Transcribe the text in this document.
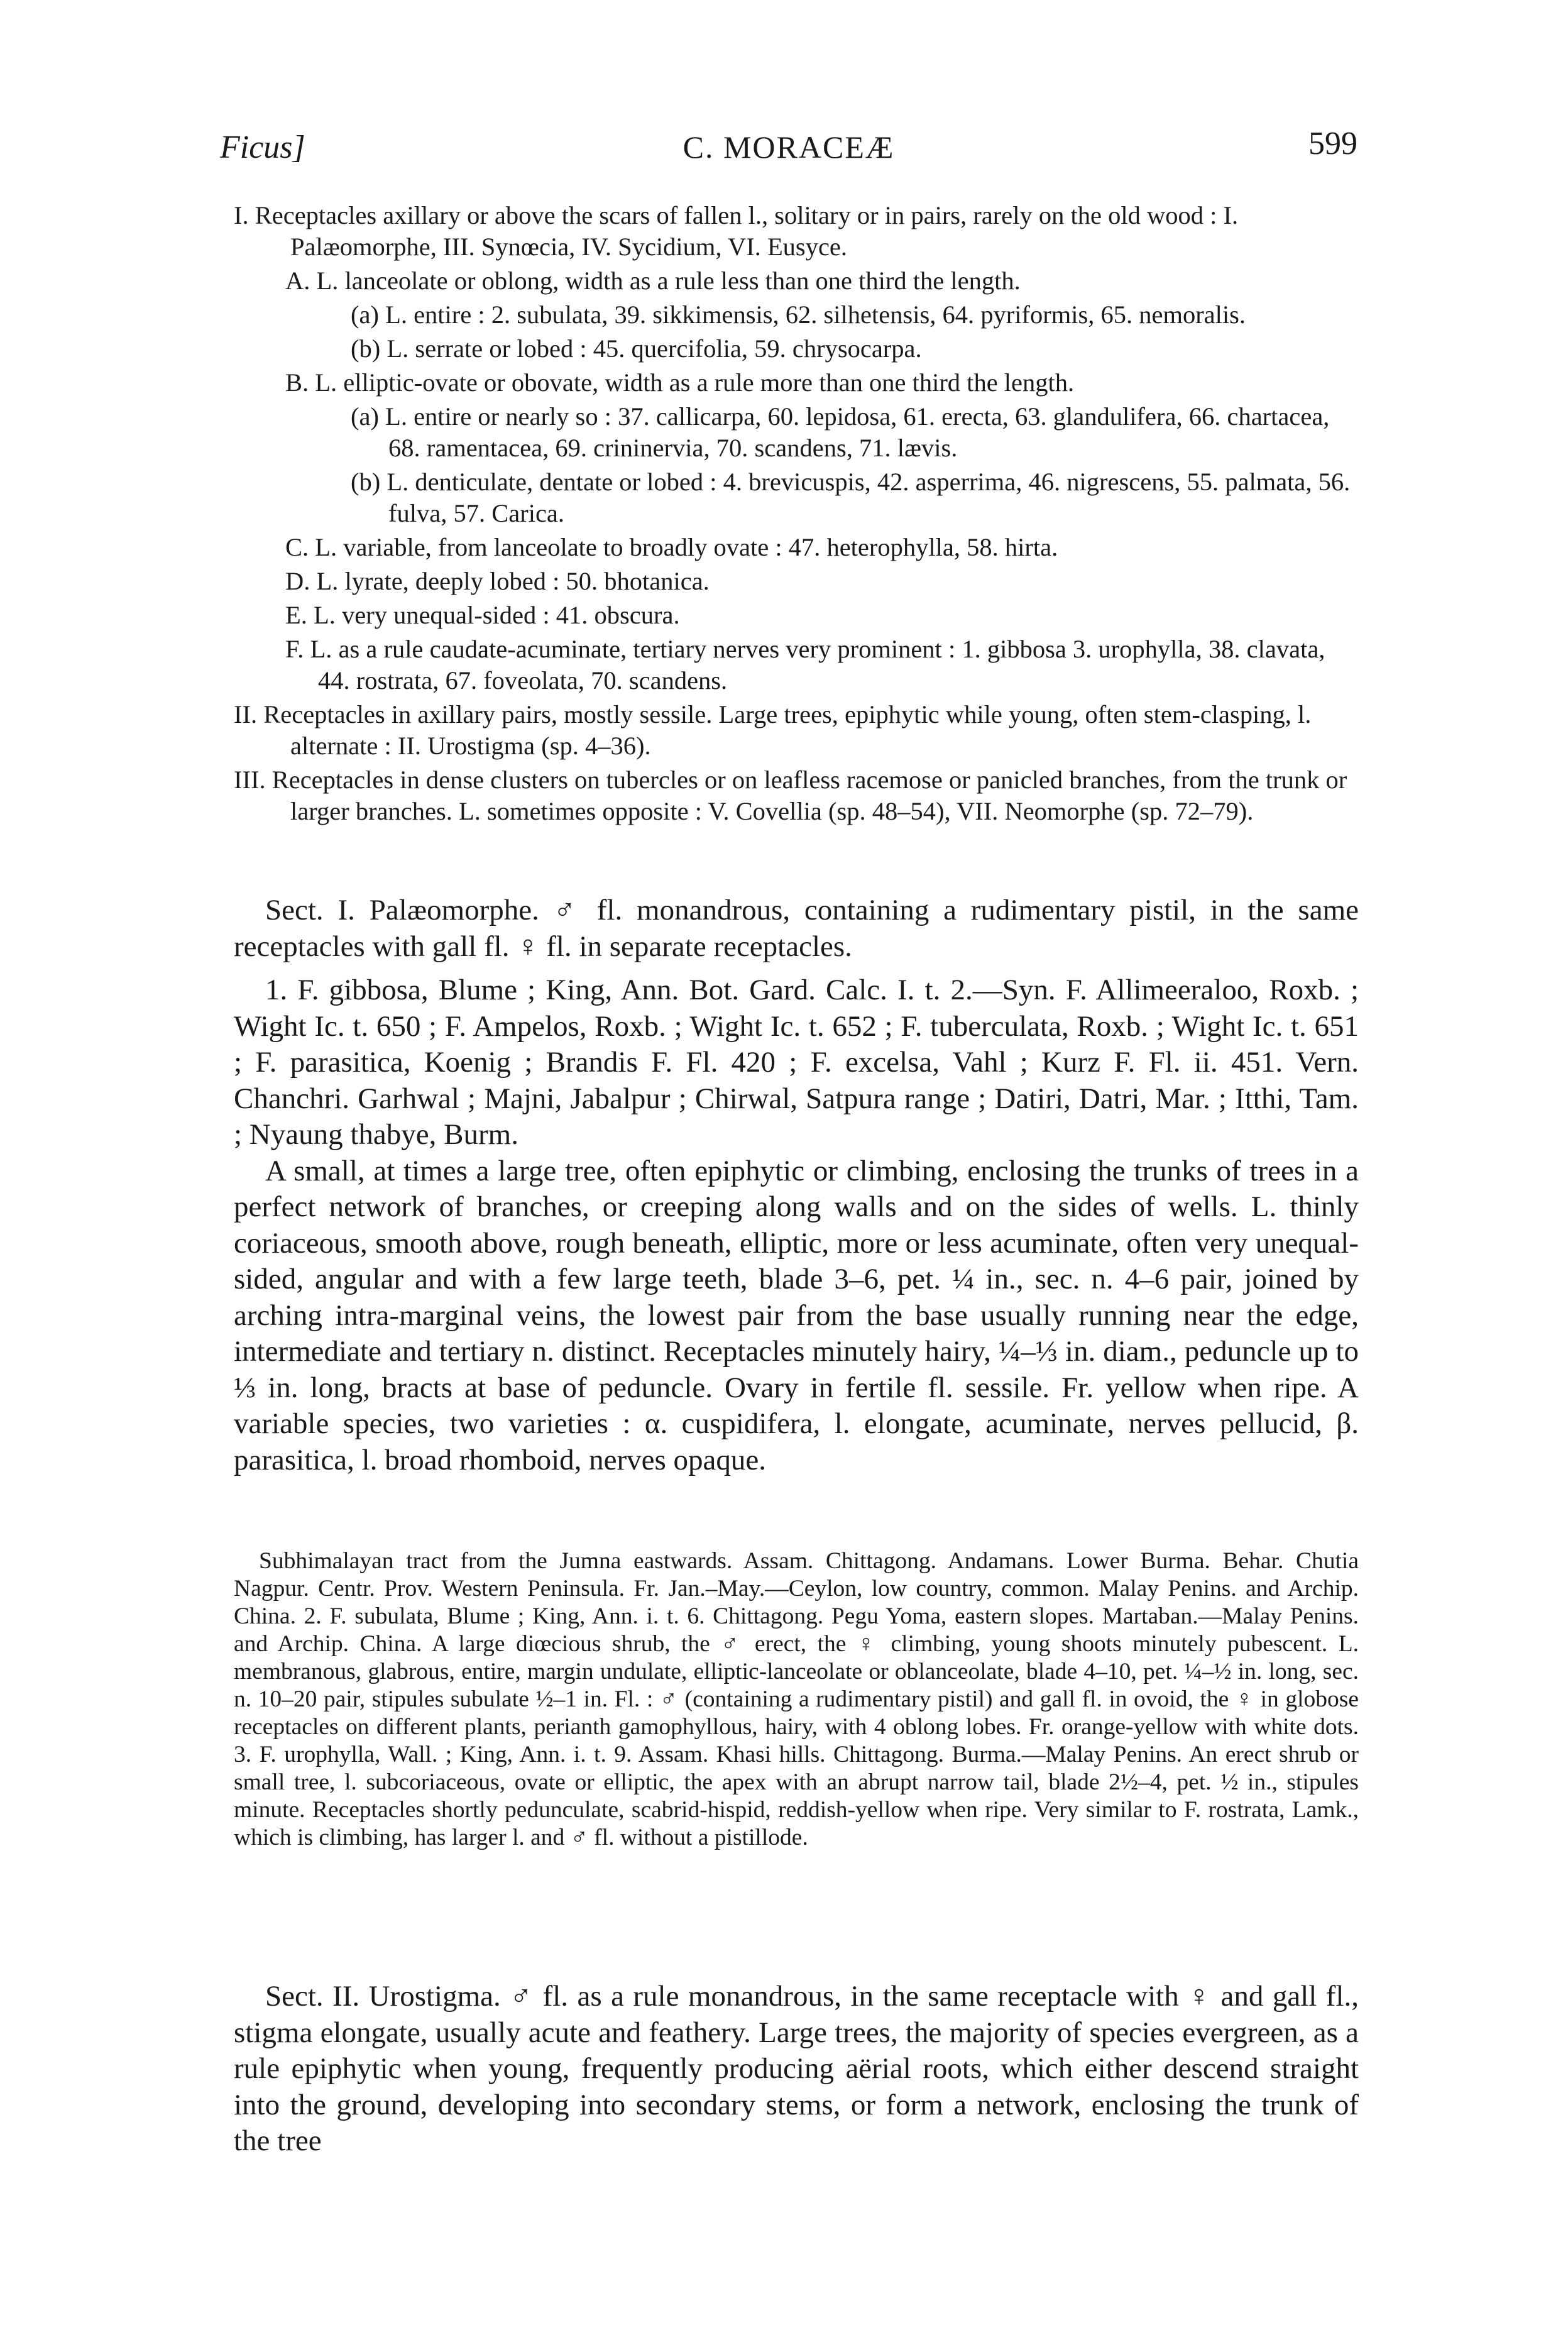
Ficus]	C. MORACEÆ	599
I. Receptacles axillary or above the scars of fallen l., solitary or in pairs, rarely on the old wood : I. Palæomorphe, III. Synœcia, IV. Sycidium, VI. Eusyce.
A. L. lanceolate or oblong, width as a rule less than one third the length.
(a) L. entire : 2. subulata, 39. sikkimensis, 62. silhetensis, 64. pyriformis, 65. nemoralis.
(b) L. serrate or lobed : 45. quercifolia, 59. chrysocarpa.
B. L. elliptic-ovate or obovate, width as a rule more than one third the length.
(a) L. entire or nearly so : 37. callicarpa, 60. lepidosa, 61. erecta, 63. glandulifera, 66. chartacea, 68. ramentacea, 69. crininervia, 70. scandens, 71. lævis.
(b) L. denticulate, dentate or lobed : 4. brevicuspis, 42. asperrima, 46. nigrescens, 55. palmata, 56. fulva, 57. Carica.
C. L. variable, from lanceolate to broadly ovate : 47. heterophylla, 58. hirta.
D. L. lyrate, deeply lobed : 50. bhotanica.
E. L. very unequal-sided : 41. obscura.
F. L. as a rule caudate-acuminate, tertiary nerves very prominent : 1. gibbosa 3. urophylla, 38. clavata, 44. rostrata, 67. foveolata, 70. scandens.
II. Receptacles in axillary pairs, mostly sessile. Large trees, epiphytic while young, often stem-clasping, l. alternate : II. Urostigma (sp. 4–36).
III. Receptacles in dense clusters on tubercles or on leafless racemose or panicled branches, from the trunk or larger branches. L. sometimes opposite : V. Covellia (sp. 48–54), VII. Neomorphe (sp. 72–79).

Sect. I. Palæomorphe. ♂ fl. monandrous, containing a rudimentary pistil, in the same receptacles with gall fl. ♀ fl. in separate receptacles.

1. F. gibbosa, Blume ; King, Ann. Bot. Gard. Calc. I. t. 2.—Syn. F. Allimeeraloo, Roxb. ; Wight Ic. t. 650 ; F. Ampelos, Roxb. ; Wight Ic. t. 652 ; F. tuberculata, Roxb. ; Wight Ic. t. 651 ; F. parasitica, Koenig ; Brandis F. Fl. 420 ; F. excelsa, Vahl ; Kurz F. Fl. ii. 451. Vern. Chanchri. Garhwal ; Majni, Jabalpur ; Chirwal, Satpura range ; Datiri, Datri, Mar. ; Itthi, Tam. ; Nyaung thabye, Burm.

A small, at times a large tree, often epiphytic or climbing, enclosing the trunks of trees in a perfect network of branches, or creeping along walls and on the sides of wells. L. thinly coriaceous, smooth above, rough beneath, elliptic, more or less acuminate, often very unequal-sided, angular and with a few large teeth, blade 3–6, pet. ¼ in., sec. n. 4–6 pair, joined by arching intra-marginal veins, the lowest pair from the base usually running near the edge, intermediate and tertiary n. distinct. Receptacles minutely hairy, ¼–⅓ in. diam., peduncle up to ⅓ in. long, bracts at base of peduncle. Ovary in fertile fl. sessile. Fr. yellow when ripe. A variable species, two varieties : α. cuspidifera, l. elongate, acuminate, nerves pellucid, β. parasitica, l. broad rhomboid, nerves opaque.

Subhimalayan tract from the Jumna eastwards. Assam. Chittagong. Andamans. Lower Burma. Behar. Chutia Nagpur. Centr. Prov. Western Peninsula. Fr. Jan.–May.—Ceylon, low country, common. Malay Penins. and Archip. China. 2. F. subulata, Blume ; King, Ann. i. t. 6. Chittagong. Pegu Yoma, eastern slopes. Martaban.—Malay Penins. and Archip. China. A large diœcious shrub, the ♂ erect, the ♀ climbing, young shoots minutely pubescent. L. membranous, glabrous, entire, margin undulate, elliptic-lanceolate or oblanceolate, blade 4–10, pet. ¼–½ in. long, sec. n. 10–20 pair, stipules subulate ½–1 in. Fl. : ♂ (containing a rudimentary pistil) and gall fl. in ovoid, the ♀ in globose receptacles on different plants, perianth gamophyllous, hairy, with 4 oblong lobes. Fr. orange-yellow with white dots. 3. F. urophylla, Wall. ; King, Ann. i. t. 9. Assam. Khasi hills. Chittagong. Burma.—Malay Penins. An erect shrub or small tree, l. subcoriaceous, ovate or elliptic, the apex with an abrupt narrow tail, blade 2½–4, pet. ½ in., stipules minute. Receptacles shortly pedunculate, scabrid-hispid, reddish-yellow when ripe. Very similar to F. rostrata, Lamk., which is climbing, has larger l. and ♂ fl. without a pistillode.

Sect. II. Urostigma. ♂ fl. as a rule monandrous, in the same receptacle with ♀ and gall fl., stigma elongate, usually acute and feathery. Large trees, the majority of species evergreen, as a rule epiphytic when young, frequently producing aërial roots, which either descend straight into the ground, developing into secondary stems, or form a network, enclosing the trunk of the tree
